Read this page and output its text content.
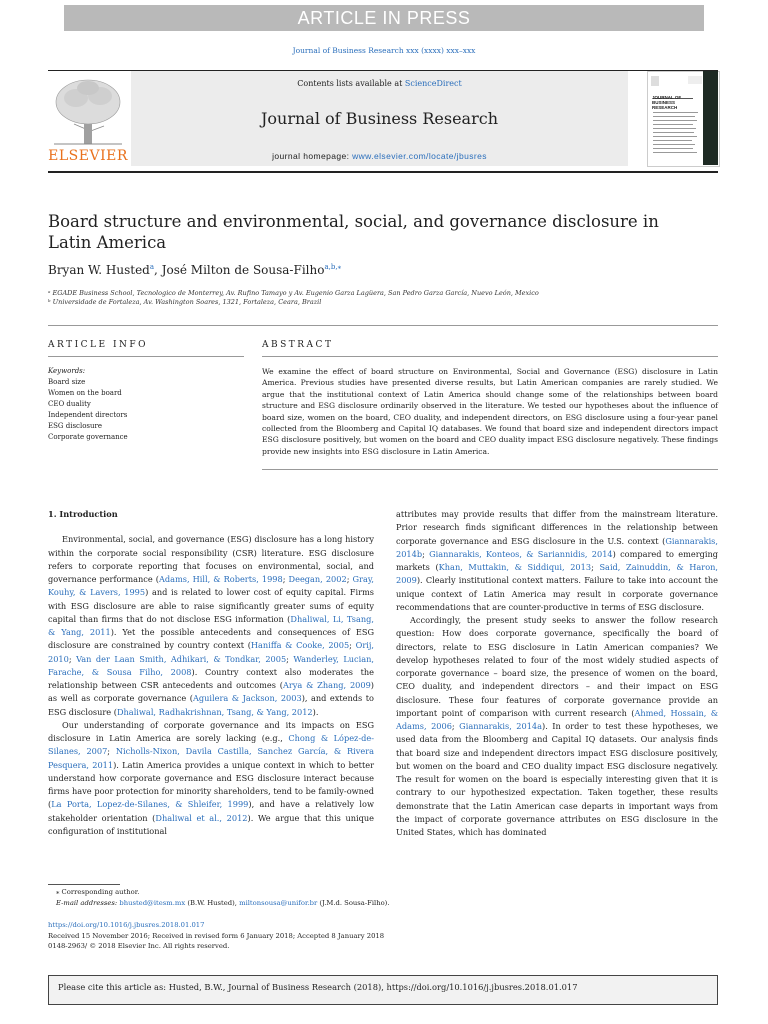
ARTICLE IN PRESS
Journal of Business Research xxx (xxxx) xxx–xxx
ELSEVIER
Contents lists available at ScienceDirect
Journal of Business Research
journal homepage: www.elsevier.com/locate/jbusres
JOURNAL OF BUSINESS RESEARCH
Board structure and environmental, social, and governance disclosure in Latin America
Bryan W. Husted$^a$, José Milton de Sousa-Filho$^{a,b,⁎}$
ᵃ EGADE Business School, Tecnologico de Monterrey, Av. Rufino Tamayo y Av. Eugenio Garza Lagüera, San Pedro Garza García, Nuevo León, Mexico
ᵇ Universidade de Fortaleza, Av. Washington Soares, 1321, Fortaleza, Ceara, Brazil
ARTICLE INFO	ABSTRACT
Keywords:
Board size
Women on the board
CEO duality
Independent directors
ESG disclosure
Corporate governance
We examine the effect of board structure on Environmental, Social and Governance (ESG) disclosure in Latin America. Previous studies have presented diverse results, but Latin American companies are rarely studied. We argue that the institutional context of Latin America should change some of the relationships between board structure and ESG disclosure ordinarily observed in the literature. We tested our hypotheses about the influence of board size, women on the board, CEO duality, and independent directors, on ESG disclosure using a four-year panel collected from the Bloomberg and Capital IQ databases. We found that board size and independent directors impact ESG disclosure positively, but women on the board and CEO duality impact ESG disclosure negatively. These findings provide new insights into ESG disclosure in Latin America.

1. Introduction

Environmental, social, and governance (ESG) disclosure has a long history within the corporate social responsibility (CSR) literature. ESG disclosure refers to corporate reporting that focuses on environmental, social, and governance performance (Adams, Hill, & Roberts, 1998; Deegan, 2002; Gray, Kouhy, & Lavers, 1995) and is related to lower cost of equity capital. Firms with ESG disclosure are able to raise significantly greater sums of equity capital than firms that do not disclose ESG information (Dhaliwal, Li, Tsang, & Yang, 2011). Yet the possible antecedents and consequences of ESG disclosure are constrained by country context (Haniffa & Cooke, 2005; Orij, 2010; Van der Laan Smith, Adhikari, & Tondkar, 2005; Wanderley, Lucian, Farache, & Sousa Filho, 2008). Country context also moderates the relationship between CSR antecedents and outcomes (Arya & Zhang, 2009) as well as corporate governance (Aguilera & Jackson, 2003), and extends to ESG disclosure (Dhaliwal, Radhakrishnan, Tsang, & Yang, 2012).

Our understanding of corporate governance and its impacts on ESG disclosure in Latin America are sorely lacking (e.g., Chong & López-de-Silanes, 2007; Nicholls-Nixon, Davila Castilla, Sanchez García, & Rivera Pesquera, 2011). Latin America provides a unique context in which to better understand how corporate governance and ESG disclosure interact because firms have poor protection for minority shareholders, tend to be family-owned (La Porta, Lopez-de-Silanes, & Shleifer, 1999), and have a relatively low stakeholder orientation (Dhaliwal et al., 2012). We argue that this unique configuration of institutional

attributes may provide results that differ from the mainstream literature. Prior research finds significant differences in the relationship between corporate governance and ESG disclosure in the U.S. context (Giannarakis, 2014b; Giannarakis, Konteos, & Sariannidis, 2014) compared to emerging markets (Khan, Muttakin, & Siddiqui, 2013; Said, Zainuddin, & Haron, 2009). Clearly institutional context matters. Failure to take into account the unique context of Latin America may result in corporate governance recommendations that are counter-productive in terms of ESG disclosure.

Accordingly, the present study seeks to answer the follow research question: How does corporate governance, specifically the board of directors, relate to ESG disclosure in Latin American companies? We develop hypotheses related to four of the most widely studied aspects of corporate governance – board size, the presence of women on the board, CEO duality, and independent directors – and their impact on ESG disclosure. These four features of corporate governance provide an important point of comparison with current research (Ahmed, Hossain, & Adams, 2006; Giannarakis, 2014a). In order to test these hypotheses, we used data from the Bloomberg and Capital IQ datasets. Our analysis finds that board size and independent directors impact ESG disclosure positively, but women on the board and CEO duality impact ESG disclosure negatively. The result for women on the board is especially interesting given that it is contrary to our hypothesized expectation. Taken together, these results demonstrate that the Latin American case departs in important ways from the impact of corporate governance attributes on ESG disclosure in the United States, which has dominated

⁎ Corresponding author.
E-mail addresses: bhusted@itesm.mx (B.W. Husted), miltonsousa@unifor.br (J.M.d. Sousa-Filho).
https://doi.org/10.1016/j.jbusres.2018.01.017
Received 15 November 2016; Received in revised form 6 January 2018; Accepted 8 January 2018
0148-2963/ © 2018 Elsevier Inc. All rights reserved.
Please cite this article as: Husted, B.W., Journal of Business Research (2018), https://doi.org/10.1016/j.jbusres.2018.01.017
